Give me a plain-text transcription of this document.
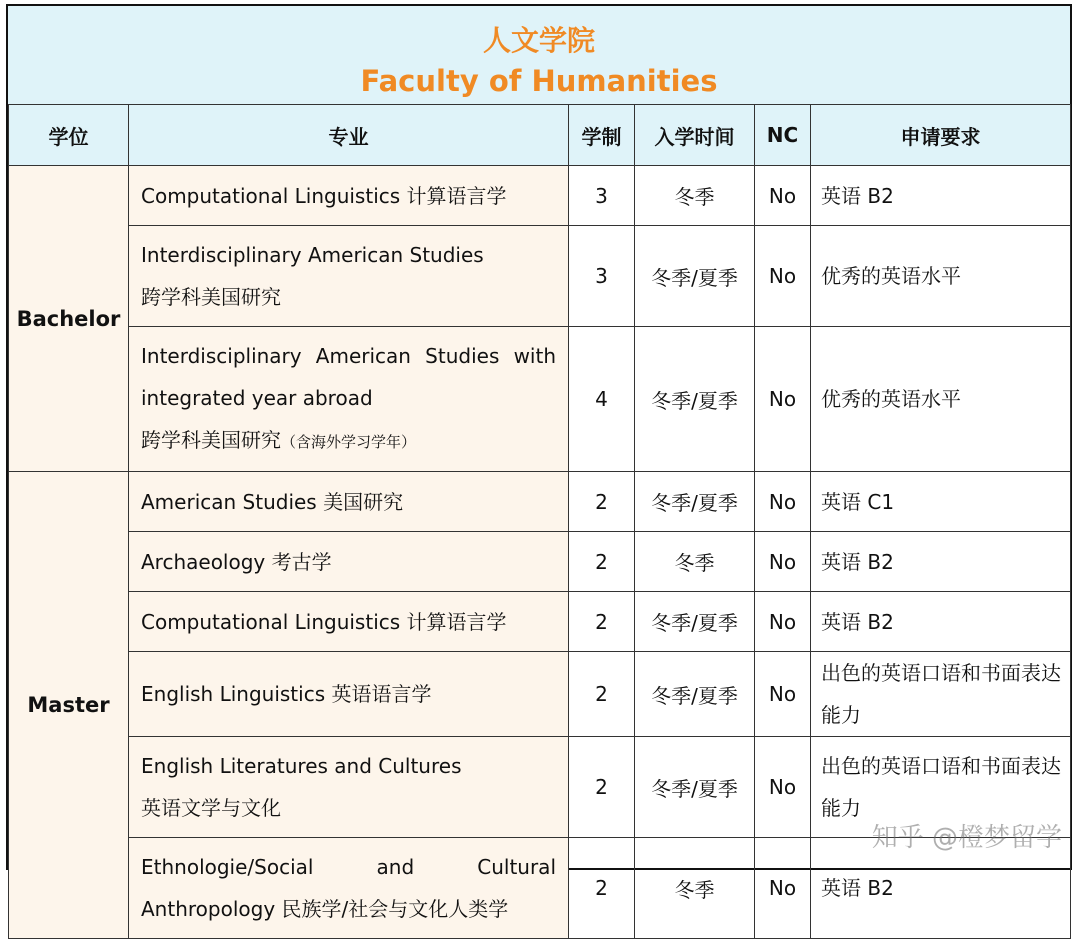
人文学院
Faculty of Humanities
学位	专业	学制	入学时间	NC	申请要求
Bachelor	Computational Linguistics 计算语言学	3	冬季	No	英语 B2

	Interdisciplinary American Studies
跨学科美国研究	3	冬季/夏季	No	优秀的英语水平

	Interdisciplinary American Studies with
integrated year abroad
跨学科美国研究（含海外学习学年）	4	冬季/夏季	No	优秀的英语水平
Master	American Studies 美国研究	2	冬季/夏季	No	英语 C1
	Archaeology 考古学	2	冬季	No	英语 B2
	Computational Linguistics 计算语言学	2	冬季/夏季	No	英语 B2
	English Linguistics 英语语言学	2	冬季/夏季	No	出色的英语口语和书面表达能力

	English Literatures and Cultures
英语文学与文化	2	冬季/夏季	No	出色的英语口语和书面表达能力

	Ethnologie/Social and Cultural
Anthropology 民族学/社会与文化人类学	2	冬季	No	英语 B2
知乎 @橙梦留学
